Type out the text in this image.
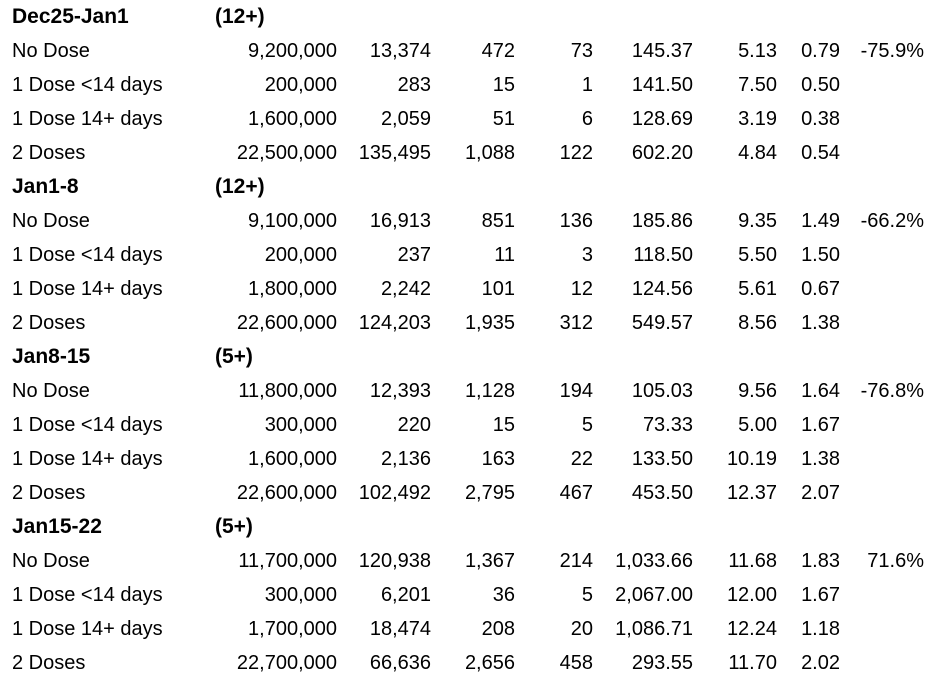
Dec25-Jan1	(12+)
No Dose	9,200,000 13,374	472	73 145.37 5.13 0.79 -75.9%
1 Dose <14 days	200,000	283	15	1 141.50 7.50 0.50
1 Dose 14+ days	1,600,000 2,059	51	6 128.69 3.19 0.38
2 Doses	22,500,000 135,495 1,088 122 602.20 4.84 0.54
Jan1-8	(12+)
No Dose	9,100,000 16,913	851 136 185.86 9.35 1.49 -66.2%
1 Dose <14 days	200,000	237	11	3 118.50 5.50 1.50
1 Dose 14+ days	1,800,000 2,242	101	12 124.56 5.61 0.67
2 Doses	22,600,000 124,203 1,935 312 549.57 8.56 1.38
Jan8-15	(5+)
No Dose	11,800,000 12,393 1,128 194 105.03 9.56 1.64 -76.8%
1 Dose <14 days	300,000	220	15	5 73.33 5.00 1.67
1 Dose 14+ days	1,600,000 2,136	163	22 133.50 10.19 1.38
2 Doses	22,600,000 102,492 2,795 467 453.50 12.37 2.07
Jan15-22	(5+)
No Dose	11,700,000 120,938 1,367 214 1,033.66 11.68 1.83 71.6%
1 Dose <14 days	300,000 6,201	36	5 2,067.00 12.00 1.67
1 Dose 14+ days	1,700,000 18,474	208	20 1,086.71 12.24 1.18
2 Doses	22,700,000 66,636 2,656 458 293.55 11.70 2.02
